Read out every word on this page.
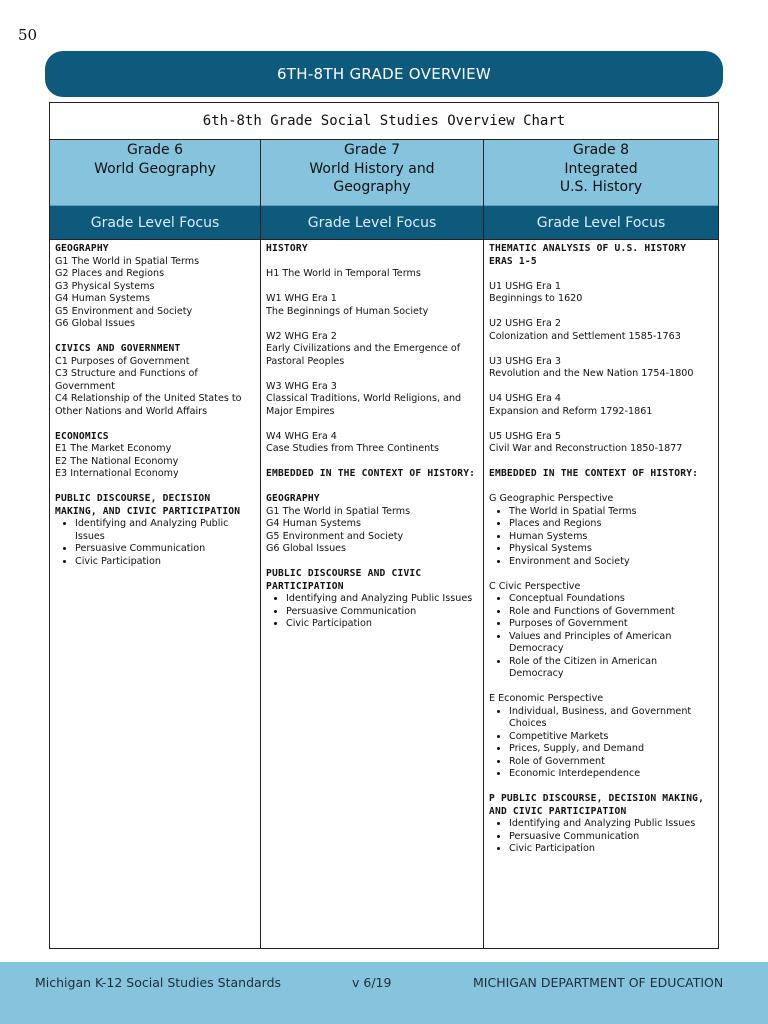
50
6TH-8TH GRADE OVERVIEW
6th-8th Grade Social Studies Overview Chart
Grade 6
World Geography
Grade Level Focus
GEOGRAPHY
G1 The World in Spatial Terms
G2 Places and Regions
G3 Physical Systems
G4 Human Systems
G5 Environment and Society
G6 Global Issues
CIVICS AND GOVERNMENT
C1 Purposes of Government
C3 Structure and Functions of Government
C4 Relationship of the United States to Other Nations and World Affairs
ECONOMICS
E1 The Market Economy
E2 The National Economy
E3 International Economy
PUBLIC DISCOURSE, DECISION MAKING, AND CIVIC PARTICIPATION
• Identifying and Analyzing Public Issues
• Persuasive Communication
• Civic Participation
Grade 7
World History and
Geography
Grade Level Focus
HISTORY
H1 The World in Temporal Terms
W1 WHG Era 1
The Beginnings of Human Society
W2 WHG Era 2
Early Civilizations and the Emergence of Pastoral Peoples
W3 WHG Era 3
Classical Traditions, World Religions, and Major Empires
W4 WHG Era 4
Case Studies from Three Continents
EMBEDDED IN THE CONTEXT OF HISTORY:
GEOGRAPHY
G1 The World in Spatial Terms
G4 Human Systems
G5 Environment and Society
G6 Global Issues
PUBLIC DISCOURSE AND CIVIC PARTICIPATION
• Identifying and Analyzing Public Issues
• Persuasive Communication
• Civic Participation
Grade 8
Integrated
U.S. History
Grade Level Focus
THEMATIC ANALYSIS OF U.S. HISTORY ERAS 1-5
U1 USHG Era 1
Beginnings to 1620
U2 USHG Era 2
Colonization and Settlement 1585-1763
U3 USHG Era 3
Revolution and the New Nation 1754-1800
U4 USHG Era 4
Expansion and Reform 1792-1861
U5 USHG Era 5
Civil War and Reconstruction 1850-1877
EMBEDDED IN THE CONTEXT OF HISTORY:
G Geographic Perspective
• The World in Spatial Terms
• Places and Regions
• Human Systems
• Physical Systems
• Environment and Society
C Civic Perspective
• Conceptual Foundations
• Role and Functions of Government
• Purposes of Government
• Values and Principles of American Democracy
• Role of the Citizen in American Democracy
E Economic Perspective
• Individual, Business, and Government Choices
• Competitive Markets
• Prices, Supply, and Demand
• Role of Government
• Economic Interdependence
P PUBLIC DISCOURSE, DECISION MAKING, AND CIVIC PARTICIPATION
• Identifying and Analyzing Public Issues
• Persuasive Communication
• Civic Participation
Michigan K-12 Social Studies Standards	v 6/19	MICHIGAN DEPARTMENT OF EDUCATION
